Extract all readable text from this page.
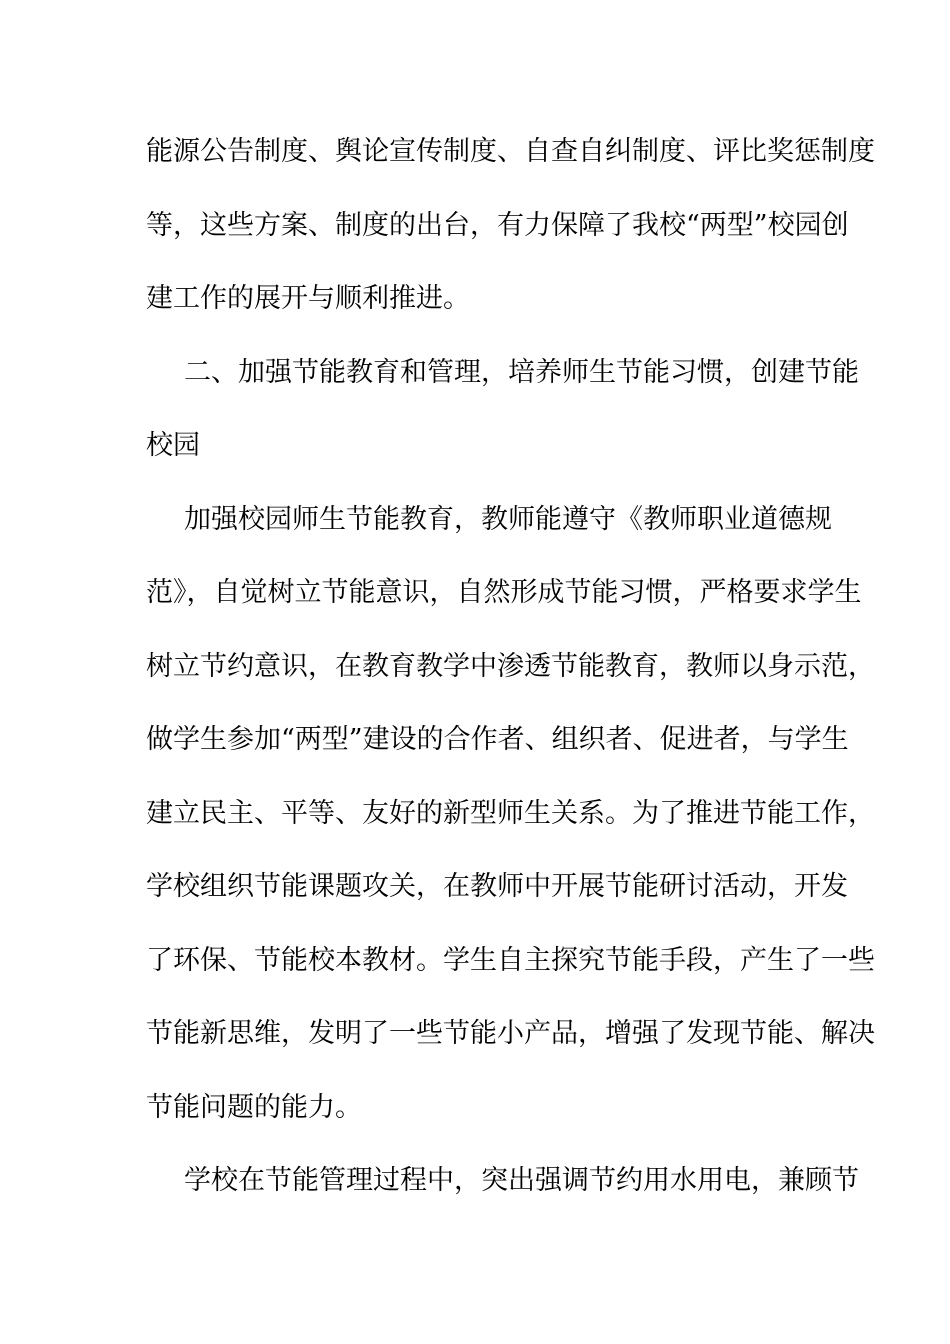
能源公告制度、舆论宣传制度、自查自纠制度、评比奖惩制度
等，这些方案、制度的出台，有力保障了我校“两型”校园创
建工作的展开与顺利推进。
二、加强节能教育和管理，培养师生节能习惯，创建节能
校园
加强校园师生节能教育，教师能遵守《教师职业道德规
范》，自觉树立节能意识，自然形成节能习惯，严格要求学生
树立节约意识，在教育教学中渗透节能教育，教师以身示范，
做学生参加“两型”建设的合作者、组织者、促进者，与学生
建立民主、平等、友好的新型师生关系。为了推进节能工作，
学校组织节能课题攻关，在教师中开展节能研讨活动，开发
了环保、节能校本教材。学生自主探究节能手段，产生了一些
节能新思维，发明了一些节能小产品，增强了发现节能、解决
节能问题的能力。
学校在节能管理过程中，突出强调节约用水用电，兼顾节
